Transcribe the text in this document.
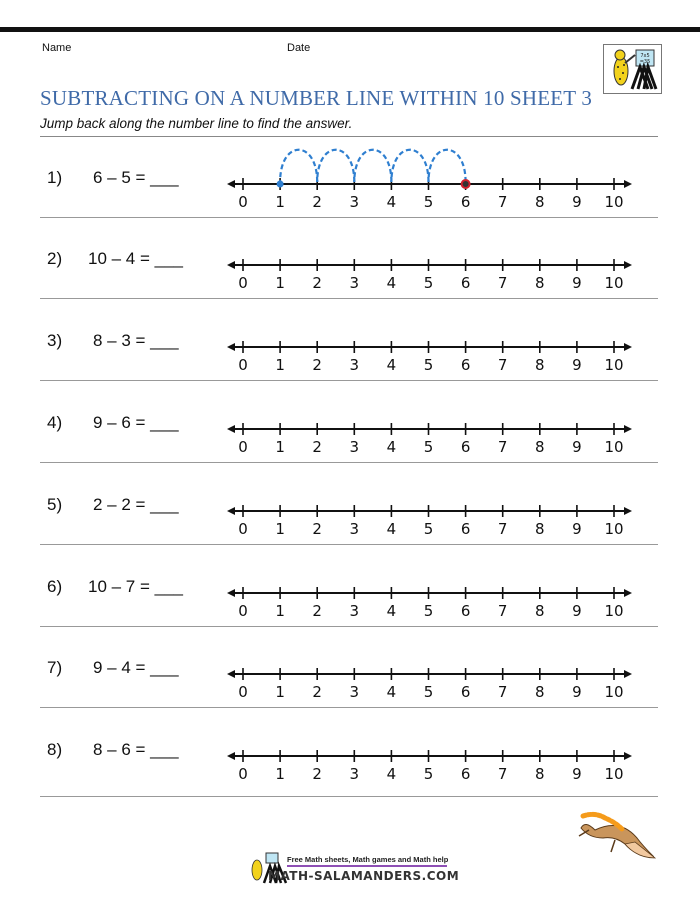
Name	Date
7x5
=35
SUBTRACTING ON A NUMBER LINE WITHIN 10 SHEET 3
Jump back along the number line to find the answer.
1) 6 – 5 = ___
0	1	2	3	4	5	6	7	8	9	10
2) 10 – 4 = ___
0	1	2	3	4	5	6	7	8	9	10
3) 8 – 3 = ___
0	1	2	3	4	5	6	7	8	9	10
4) 9 – 6 = ___
0	1	2	3	4	5	6	7	8	9	10
5) 2 – 2 = ___
0	1	2	3	4	5	6	7	8	9	10
6) 10 – 7 = ___
0	1	2	3	4	5	6	7	8	9	10
7) 9 – 4 = ___
0	1	2	3	4	5	6	7	8	9	10
8) 8 – 6 = ___
0	1	2	3	4	5	6	7	8	9	10
Free Math sheets, Math games and Math help
MATH-SALAMANDERS.COM
